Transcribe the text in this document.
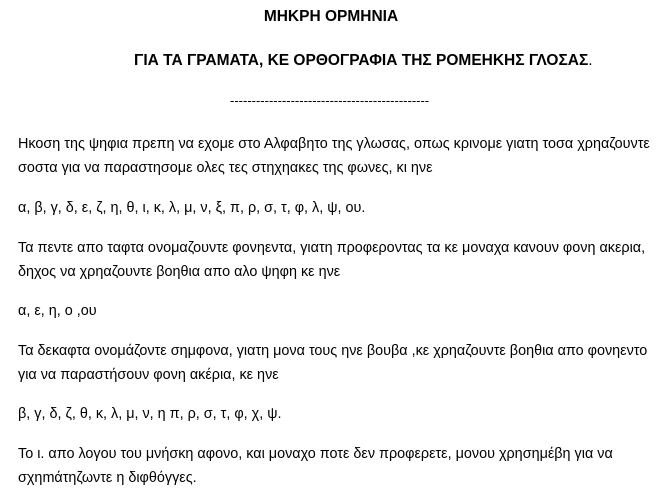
ΜΗΚΡΗ ΟΡΜΗΝΙΑ
ΓΙΑ ΤΑ ΓΡΑΜΑΤΑ, ΚΕ ΟΡΘΟΓΡΑΦΙΑ ΤΗΣ ΡΟΜΕΗΚΗΣ ΓΛΟΣΑΣ.
----------------------------------------------

Ηκοση της ψηφια πρεπη να εχομε στο Αλφαβητο της γλωσας, οπως κρινομε γιατη τοσα χρηαζουντε σοστα για να παραστησομε ολες τες στηχηακες της φωνες, κι ηνε

α, β, γ, δ, ε, ζ, η, θ, ι, κ, λ, μ, ν, ξ, π, ρ, σ, τ, φ, λ, ψ, ου.

Τα πεντε απο ταφτα ονομαζουντε φονηεντα, γιατη προφεροντας τα κε μοναχα κανουν φονη ακερια, δηχος να χρηαζουντε βοηθια απο αλο ψηφη κε ηνε

α, ε, η, ο ,ου

Τα δεκαφτα ονομάζοντε σημφονα, γιατη μονα τους ηνε βουβα ,κε χρηαζουντε βοηθια απο φονηεντο για να παραστήσουν φονη ακέρια, κε ηνε

β, γ, δ, ζ, θ, κ, λ, μ, ν, η π, ρ, σ, τ, φ, χ, ψ.

Το ι. απο λογου του μνήσκη αφονο, και μοναχο ποτε δεν προφερετε, μονου χρησημέβη για να σχηmάτηζωντε η διφθόγγες.
